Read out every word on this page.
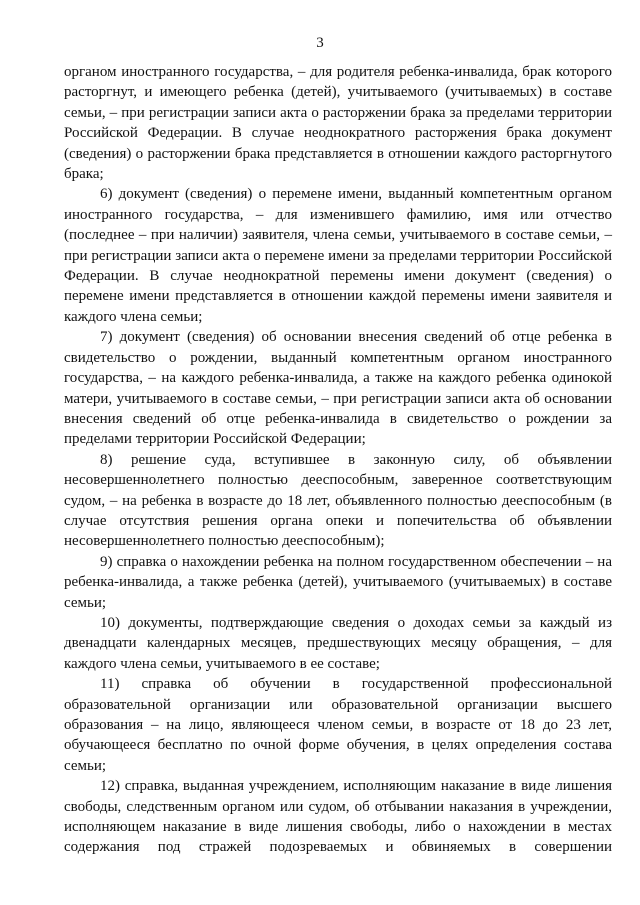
3

органом иностранного государства, – для родителя ребенка-инвалида, брак которого расторгнут, и имеющего ребенка (детей), учитываемого (учитываемых) в составе семьи, – при регистрации записи акта о расторжении брака за пределами территории Российской Федерации. В случае неоднократного расторжения брака документ (сведения) о расторжении брака представляется в отношении каждого расторгнутого брака;

6) документ (сведения) о перемене имени, выданный компетентным органом иностранного государства, – для изменившего фамилию, имя или отчество (последнее – при наличии) заявителя, члена семьи, учитываемого в составе семьи, – при регистрации записи акта о перемене имени за пределами территории Российской Федерации. В случае неоднократной перемены имени документ (сведения) о перемене имени представляется в отношении каждой перемены имени заявителя и каждого члена семьи;

7) документ (сведения) об основании внесения сведений об отце ребенка в свидетельство о рождении, выданный компетентным органом иностранного государства, – на каждого ребенка-инвалида, а также на каждого ребенка одинокой матери, учитываемого в составе семьи, – при регистрации записи акта об основании внесения сведений об отце ребенка-инвалида в свидетельство о рождении за пределами территории Российской Федерации;

8) решение суда, вступившее в законную силу, об объявлении несовершеннолетнего полностью дееспособным, заверенное соответствующим судом, – на ребенка в возрасте до 18 лет, объявленного полностью дееспособным (в случае отсутствия решения органа опеки и попечительства об объявлении несовершеннолетнего полностью дееспособным);

9) справка о нахождении ребенка на полном государственном обеспечении – на ребенка-инвалида, а также ребенка (детей), учитываемого (учитываемых) в составе семьи;

10) документы, подтверждающие сведения о доходах семьи за каждый из двенадцати календарных месяцев, предшествующих месяцу обращения, – для каждого члена семьи, учитываемого в ее составе;

11) справка об обучении в государственной профессиональной образовательной организации или образовательной организации высшего образования – на лицо, являющееся членом семьи, в возрасте от 18 до 23 лет, обучающееся бесплатно по очной форме обучения, в целях определения состава семьи;

12) справка, выданная учреждением, исполняющим наказание в виде лишения свободы, следственным органом или судом, об отбывании наказания в учреждении, исполняющем наказание в виде лишения свободы, либо о нахождении в местах содержания под стражей подозреваемых и обвиняемых в совершении
